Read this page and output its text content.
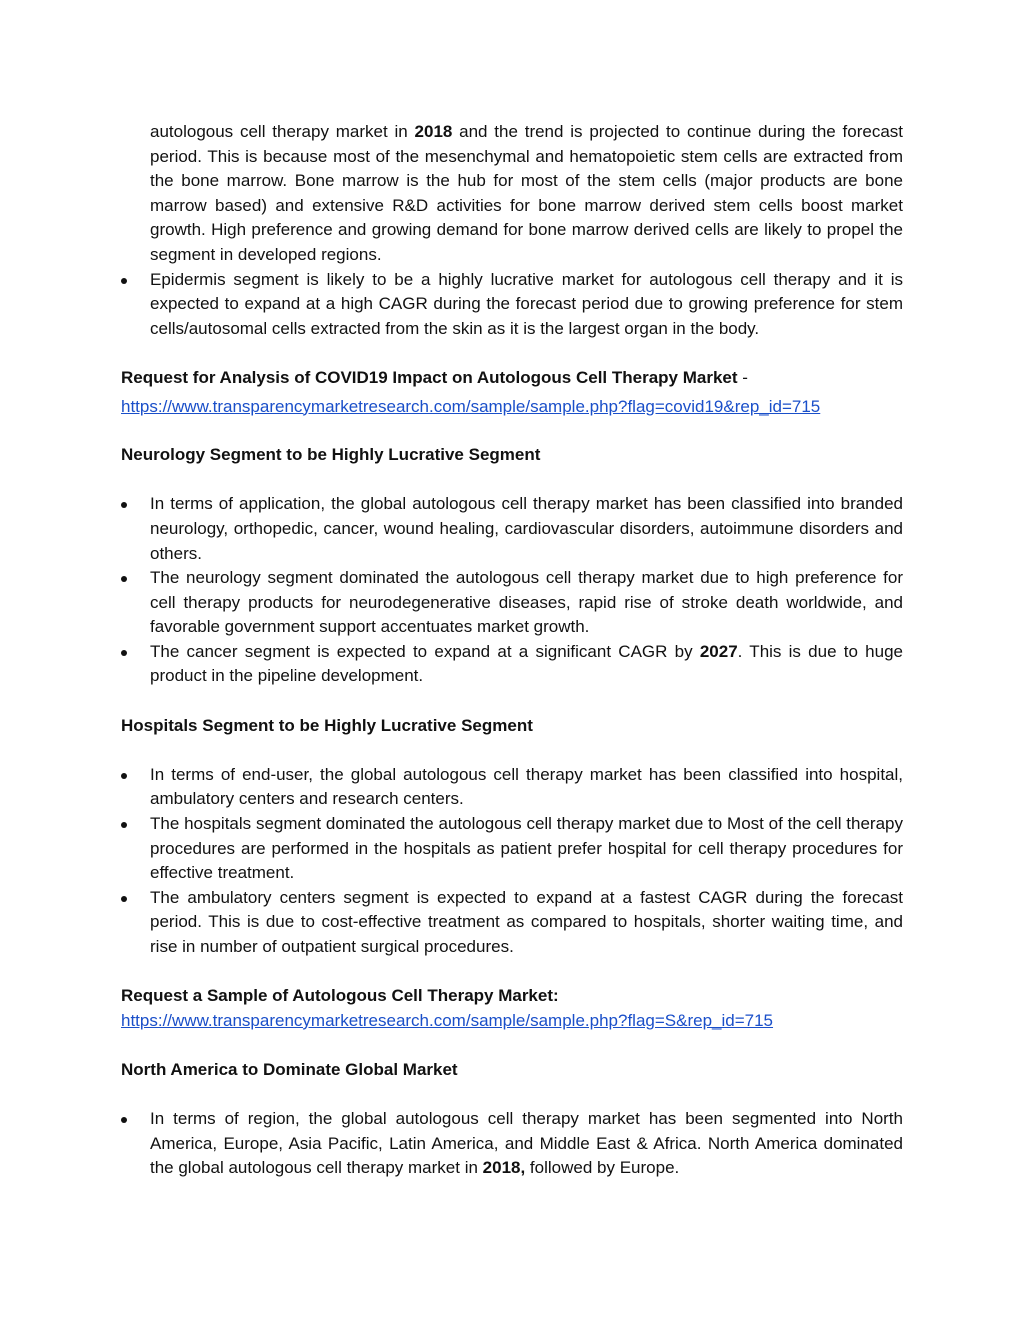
autologous cell therapy market in 2018 and the trend is projected to continue during the forecast period. This is because most of the mesenchymal and hematopoietic stem cells are extracted from the bone marrow. Bone marrow is the hub for most of the stem cells (major products are bone marrow based) and extensive R&D activities for bone marrow derived stem cells boost market growth. High preference and growing demand for bone marrow derived cells are likely to propel the segment in developed regions.
Epidermis segment is likely to be a highly lucrative market for autologous cell therapy and it is expected to expand at a high CAGR during the forecast period due to growing preference for stem cells/autosomal cells extracted from the skin as it is the largest organ in the body.
Request for Analysis of COVID19 Impact on Autologous Cell Therapy Market -
https://www.transparencymarketresearch.com/sample/sample.php?flag=covid19&rep_id=715

Neurology Segment to be Highly Lucrative Segment

In terms of application, the global autologous cell therapy market has been classified into branded neurology, orthopedic, cancer, wound healing, cardiovascular disorders, autoimmune disorders and others.
The neurology segment dominated the autologous cell therapy market due to high preference for cell therapy products for neurodegenerative diseases, rapid rise of stroke death worldwide, and favorable government support accentuates market growth.
The cancer segment is expected to expand at a significant CAGR by 2027. This is due to huge product in the pipeline development.

Hospitals Segment to be Highly Lucrative Segment

In terms of end-user, the global autologous cell therapy market has been classified into hospital, ambulatory centers and research centers.
The hospitals segment dominated the autologous cell therapy market due to Most of the cell therapy procedures are performed in the hospitals as patient prefer hospital for cell therapy procedures for effective treatment.
The ambulatory centers segment is expected to expand at a fastest CAGR during the forecast period. This is due to cost-effective treatment as compared to hospitals, shorter waiting time, and rise in number of outpatient surgical procedures.

Request a Sample of Autologous Cell Therapy Market:

https://www.transparencymarketresearch.com/sample/sample.php?flag=S&rep_id=715

North America to Dominate Global Market

In terms of region, the global autologous cell therapy market has been segmented into North America, Europe, Asia Pacific, Latin America, and Middle East & Africa. North America dominated the global autologous cell therapy market in 2018, followed by Europe.
